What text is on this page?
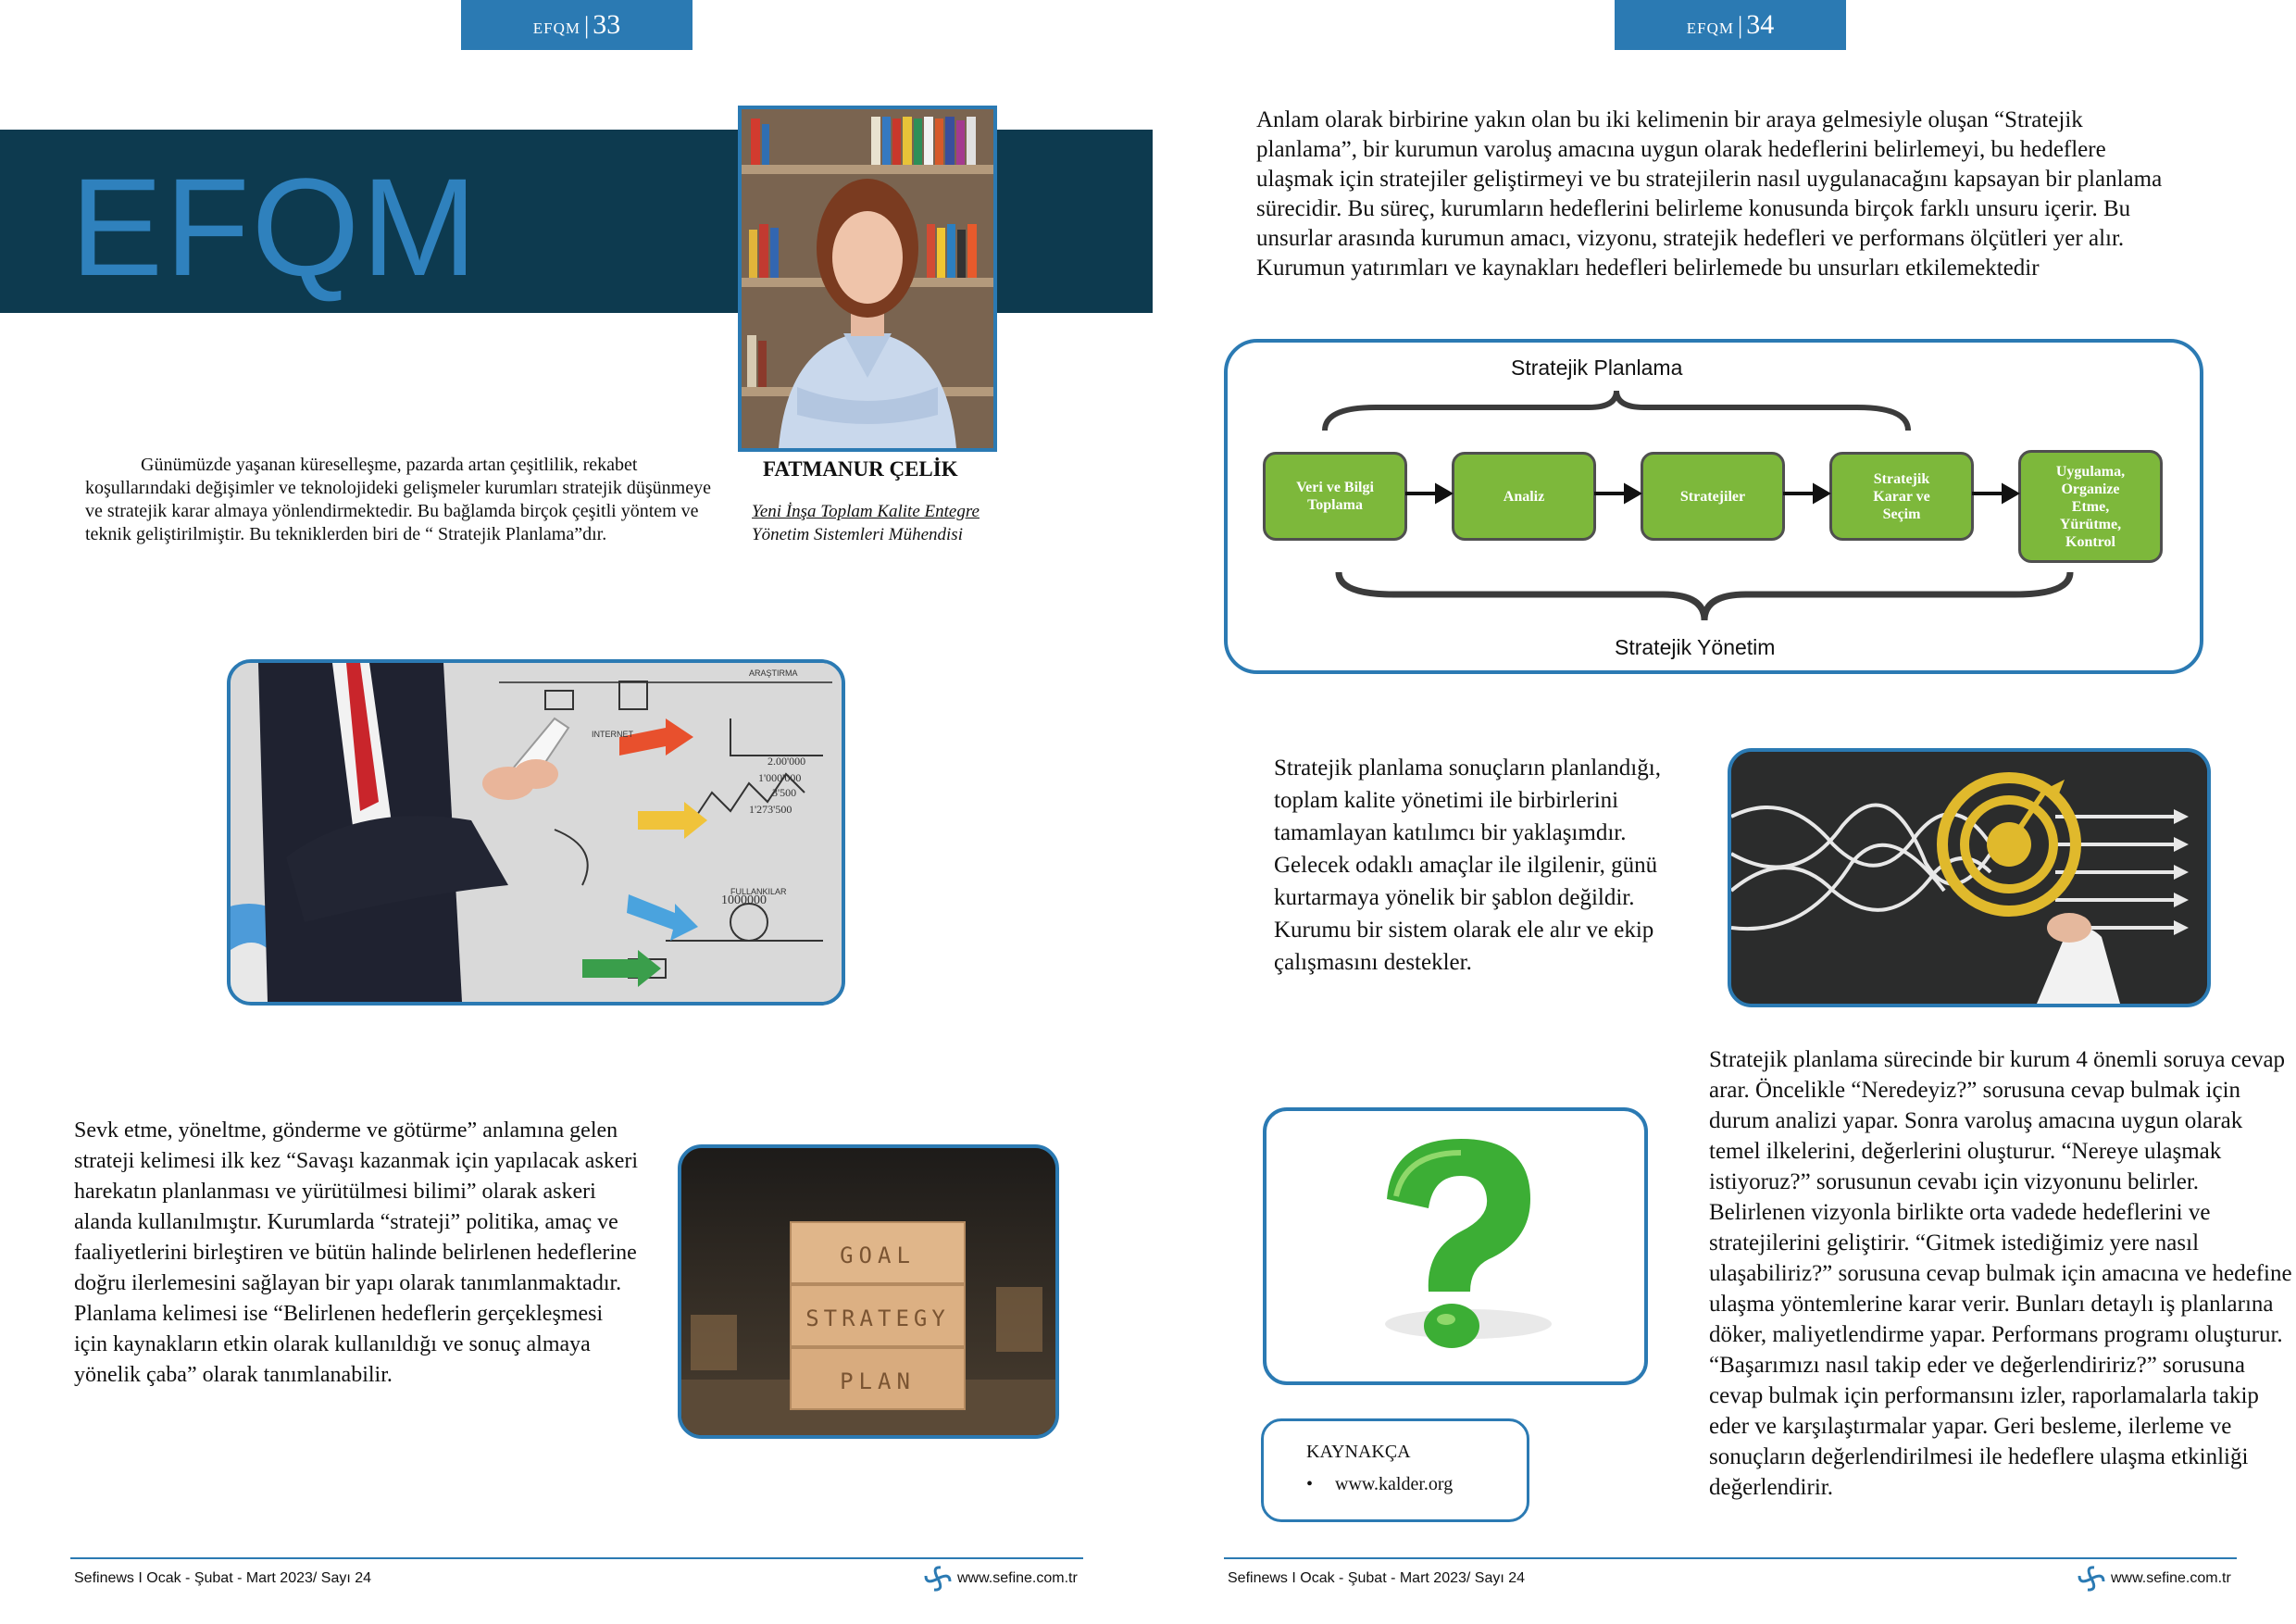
EFQM | 33
EFQM
FATMANUR ÇELİK
Yeni İnşa Toplam Kalite Entegre
Yönetim Sistemleri Mühendisi

Günümüzde yaşanan küreselleşme, pazarda artan çeşitlilik, rekabet koşullarındaki değişimler ve teknolojideki gelişmeler kurumları stratejik düşünmeye ve stratejik karar almaya yönlendirmektedir. Bu bağlamda birçok çeşitli yöntem ve teknik geliştirilmiştir. Bu tekniklerden biri de “ Stratejik Planlama”dır.

ARAŞTIRMA
INTERNET
FULLANKILAR
2.00'000
1'000'000
3'500
1'273'500
1000000

Sevk etme, yöneltme, gönderme ve götürme” anlamına gelen strateji kelimesi ilk kez “Savaşı kazanmak için yapılacak askeri harekatın planlanması ve yürütülmesi bilimi” olarak askeri alanda kullanılmıştır. Kurumlarda “strateji” politika, amaç ve faaliyetlerini birleştiren ve bütün halinde belirlenen hedeflerine doğru ilerlemesini sağlayan bir yapı olarak tanımlanmaktadır. Planlama kelimesi ise “Belirlenen hedeflerin gerçekleşmesi için kaynakların etkin olarak kullanıldığı ve sonuç almaya yönelik çaba” olarak tanımlanabilir.

GOAL
STRATEGY
PLAN
Sefinews I Ocak - Şubat - Mart 2023/ Sayı 24	www.sefine.com.tr
EFQM | 34

Anlam olarak birbirine yakın olan bu iki kelimenin bir araya gelmesiyle oluşan “Stratejik planlama”, bir kurumun varoluş amacına uygun olarak hedeflerini belirlemeyi, bu hedeflere ulaşmak için stratejiler geliştirmeyi ve bu stratejilerin nasıl uygulanacağını kapsayan bir planlama sürecidir. Bu süreç, kurumların hedeflerini belirleme konusunda birçok farklı unsuru içerir. Bu unsurlar arasında kurumun amacı, vizyonu, stratejik hedefleri ve performans ölçütleri yer alır. Kurumun yatırımları ve kaynakları hedefleri belirlemede bu unsurları etkilemektedir

Stratejik Planlama
Veri ve Bilgi
Toplama
Analiz	Stratejiler
Stratejik
Karar ve
Seçim
Uygulama,
Organize
Etme,
Yürütme,
Kontrol
Stratejik Yönetim

Stratejik planlama sonuçların planlandığı, toplam kalite yönetimi ile birbirlerini tamamlayan katılımcı bir yaklaşımdır. Gelecek odaklı amaçlar ile ilgilenir, günü kurtarmaya yönelik bir şablon değildir. Kurumu bir sistem olarak ele alır ve ekip çalışmasını destekler.

Stratejik planlama sürecinde bir kurum 4 önemli soruya cevap arar. Öncelikle “Neredeyiz?” sorusuna cevap bulmak için durum analizi yapar. Sonra varoluş amacına uygun olarak temel ilkelerini, değerlerini oluşturur. “Nereye ulaşmak istiyoruz?” sorusunun cevabı için vizyonunu belirler. Belirlenen vizyonla birlikte orta vadede hedeflerini ve stratejilerini geliştirir. “Gitmek istediğimiz yere nasıl ulaşabiliriz?” sorusuna cevap bulmak için amacına ve hedefine ulaşma yöntemlerine karar verir. Bunları detaylı iş planlarına döker, maliyetlendirme yapar. Performans programı oluşturur. “Başarımızı nasıl takip eder ve değerlendiririz?” sorusuna cevap bulmak için performansını izler, raporlamalarla takip eder ve karşılaştırmalar yapar. Geri besleme, ilerleme ve sonuçların değerlendirilmesi ile hedeflere ulaşma etkinliği değerlendirir.

KAYNAKÇA
• www.kalder.org
Sefinews I Ocak - Şubat - Mart 2023/ Sayı 24	www.sefine.com.tr
